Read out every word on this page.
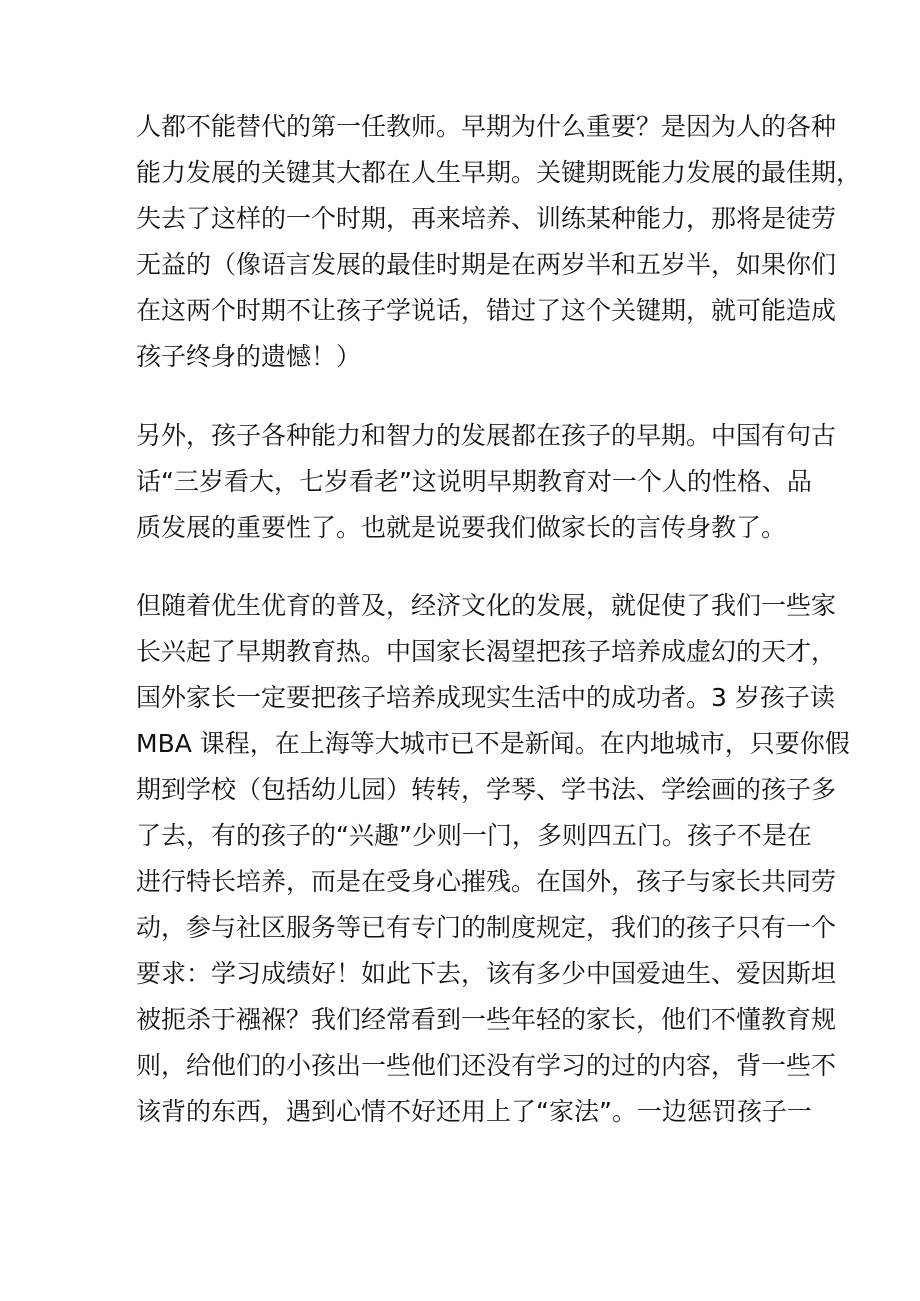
人都不能替代的第一任教师。早期为什么重要？是因为人的各种
能力发展的关键其大都在人生早期。关键期既能力发展的最佳期，
失去了这样的一个时期，再来培养、训练某种能力，那将是徒劳
无益的（像语言发展的最佳时期是在两岁半和五岁半，如果你们
在这两个时期不让孩子学说话，错过了这个关键期，就可能造成
孩子终身的遗憾！）
另外，孩子各种能力和智力的发展都在孩子的早期。中国有句古
话“三岁看大，七岁看老”这说明早期教育对一个人的性格、品
质发展的重要性了。也就是说要我们做家长的言传身教了。
但随着优生优育的普及，经济文化的发展，就促使了我们一些家
长兴起了早期教育热。中国家长渴望把孩子培养成虚幻的天才，
国外家长一定要把孩子培养成现实生活中的成功者。3 岁孩子读
MBA 课程，在上海等大城市已不是新闻。在内地城市，只要你假
期到学校（包括幼儿园）转转，学琴、学书法、学绘画的孩子多
了去，有的孩子的“兴趣”少则一门，多则四五门。孩子不是在
进行特长培养，而是在受身心摧残。在国外，孩子与家长共同劳
动，参与社区服务等已有专门的制度规定，我们的孩子只有一个
要求：学习成绩好！如此下去，该有多少中国爱迪生、爱因斯坦
被扼杀于襁褓？我们经常看到一些年轻的家长，他们不懂教育规
则，给他们的小孩出一些他们还没有学习的过的内容，背一些不
该背的东西，遇到心情不好还用上了“家法”。一边惩罚孩子一
